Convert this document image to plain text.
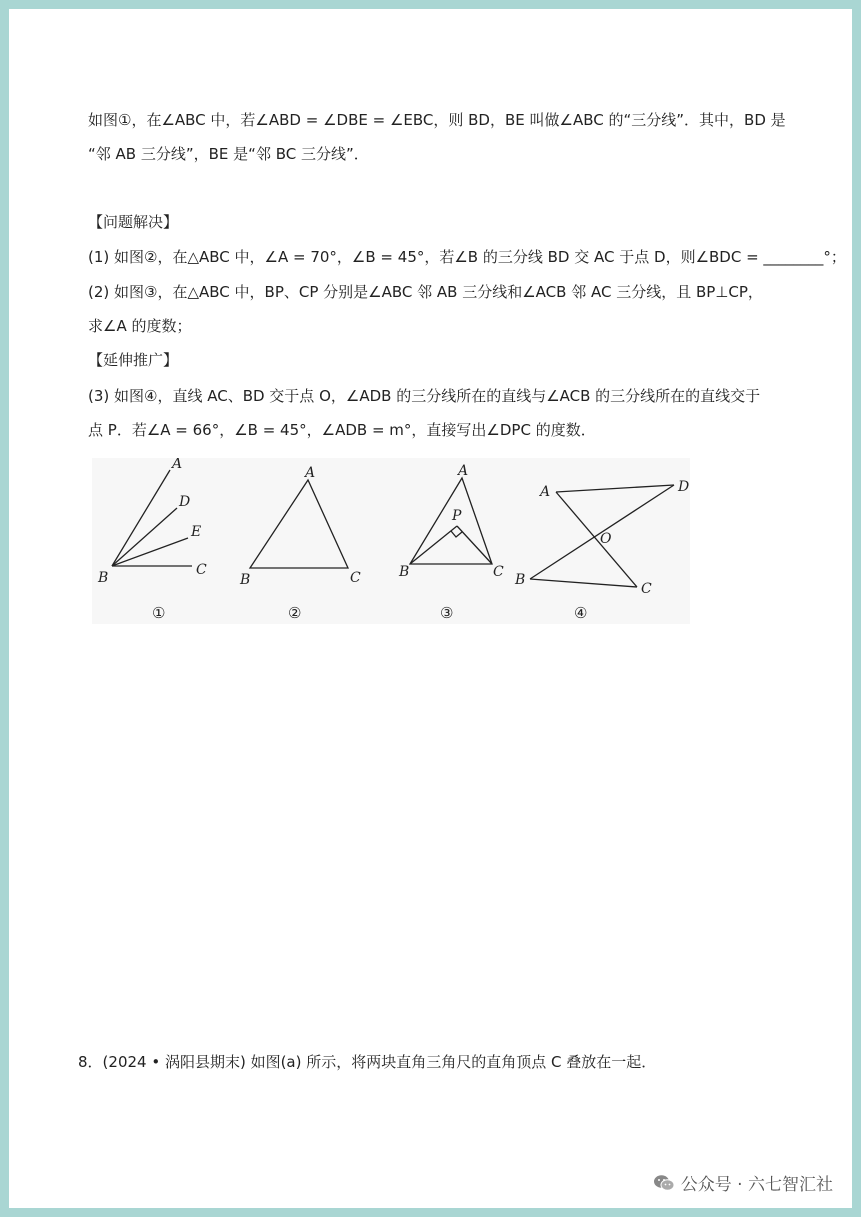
如图①，在∠ABC 中，若∠ABD = ∠DBE = ∠EBC，则 BD，BE 叫做∠ABC 的“三分线”．其中，BD 是
“邻 AB 三分线”，BE 是“邻 BC 三分线”．
【问题解决】
(1) 如图②，在△ABC 中，∠A = 70°，∠B = 45°，若∠B 的三分线 BD 交 AC 于点 D，则∠BDC = ________°；
(2) 如图③，在△ABC 中，BP、CP 分别是∠ABC 邻 AB 三分线和∠ACB 邻 AC 三分线，且 BP⊥CP，
求∠A 的度数；
【延伸推广】
(3) 如图④，直线 AC、BD 交于点 O，∠ADB 的三分线所在的直线与∠ACB 的三分线所在的直线交于
点 P．若∠A = 66°，∠B = 45°，∠ADB = m°，直接写出∠DPC 的度数．
A
D
E
B	C
①
A
B	C
②
A
P
B	C
③
A	D
O
B
C
④
8．(2024 • 涡阳县期末) 如图(a) 所示，将两块直角三角尺的直角顶点 C 叠放在一起．
公众号 · 六七智汇社
